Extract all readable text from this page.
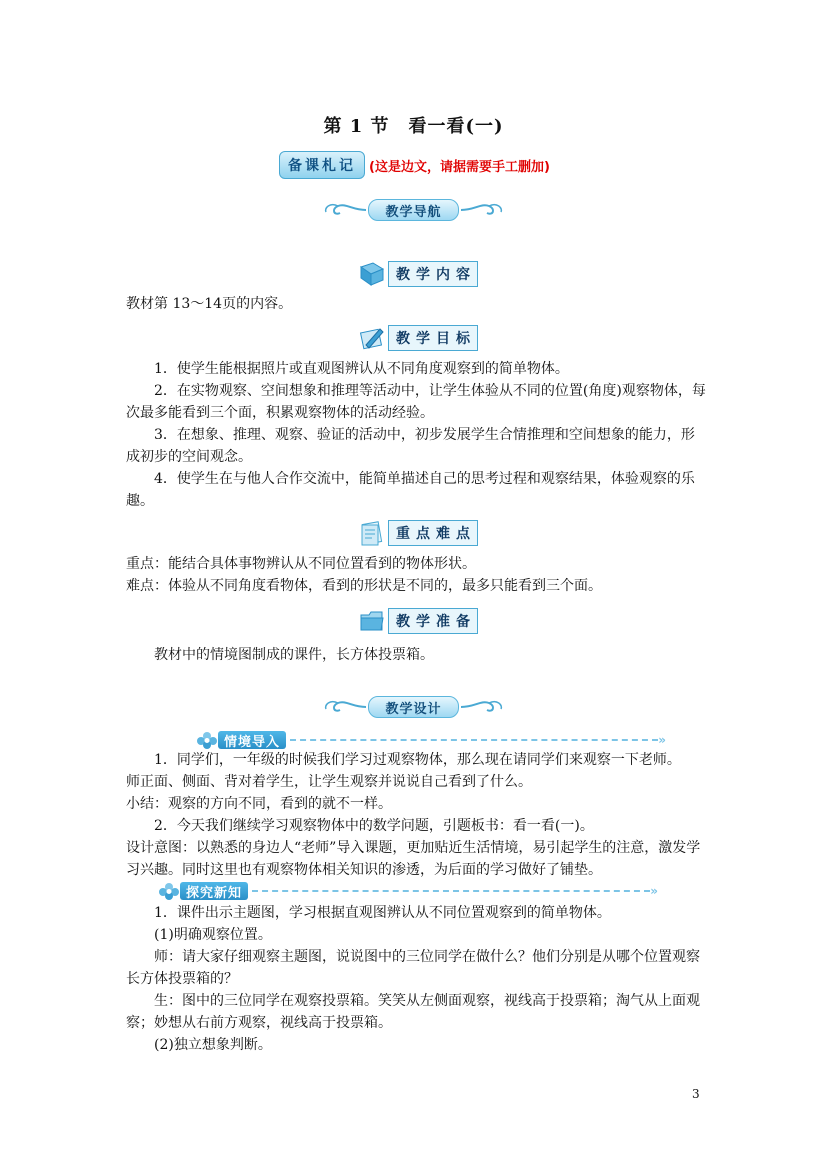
第 1 节　看一看(一)
备课札记	(这是边文，请据需要手工删加)
教学导航
教 学 内 容
教材第 13～14页的内容。
教 学 目 标
1．使学生能根据照片或直观图辨认从不同角度观察到的简单物体。
2．在实物观察、空间想象和推理等活动中，让学生体验从不同的位置(角度)观察物体，每次最多能看到三个面，积累观察物体的活动经验。
3．在想象、推理、观察、验证的活动中，初步发展学生合情推理和空间想象的能力，形成初步的空间观念。
4．使学生在与他人合作交流中，能简单描述自己的思考过程和观察结果，体验观察的乐趣。
重 点 难 点
重点：能结合具体事物辨认从不同位置看到的物体形状。
难点：体验从不同角度看物体，看到的形状是不同的，最多只能看到三个面。
教 学 准 备
教材中的情境图制成的课件，长方体投票箱。
教学设计
情境导入	»
1．同学们，一年级的时候我们学习过观察物体，那么现在请同学们来观察一下老师。
师正面、侧面、背对着学生，让学生观察并说说自己看到了什么。
小结：观察的方向不同，看到的就不一样。
2．今天我们继续学习观察物体中的数学问题，引题板书：看一看(一)。
设计意图：以熟悉的身边人“老师”导入课题，更加贴近生活情境，易引起学生的注意，激发学习兴趣。同时这里也有观察物体相关知识的渗透，为后面的学习做好了铺垫。
探究新知	»
1．课件出示主题图，学习根据直观图辨认从不同位置观察到的简单物体。
(1)明确观察位置。
师：请大家仔细观察主题图，说说图中的三位同学在做什么？他们分别是从哪个位置观察长方体投票箱的？
生：图中的三位同学在观察投票箱。笑笑从左侧面观察，视线高于投票箱；淘气从上面观察；妙想从右前方观察，视线高于投票箱。
(2)独立想象判断。
3
